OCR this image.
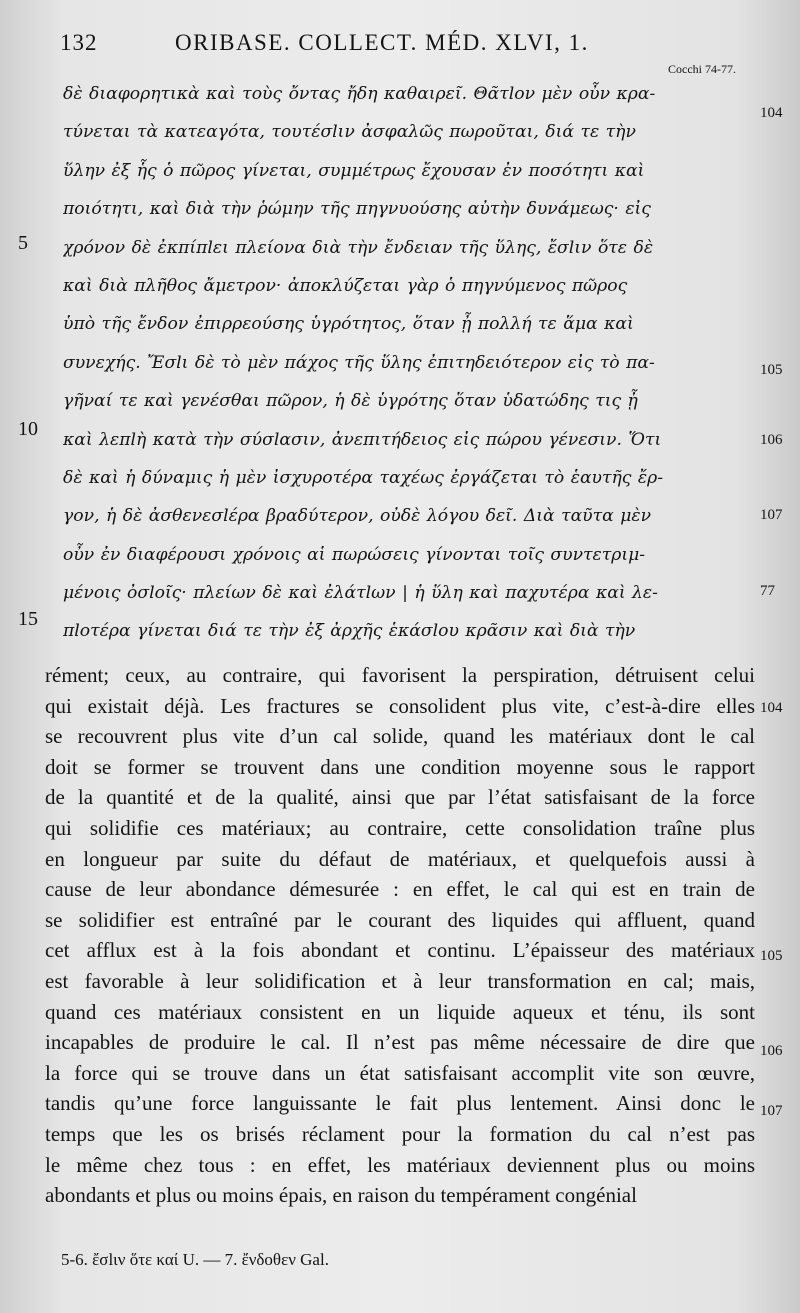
132	ORIBASE. COLLECT. MÉD. XLVI, 1.
Cocchi 74-77.
δὲ διαφορητικὰ καὶ τοὺς ὄντας ἤδη καθαιρεῖ. Θᾶτlον μὲν οὖν κρα-
τύνεται τὰ κατεαγότα, τουτέσlιν ἀσφαλῶς πωροῦται, διά τε τὴν
ὕλην ἐξ ἧς ὁ πῶρος γίνεται, συμμέτρως ἔχουσαν ἐν ποσότητι καὶ
ποιότητι, καὶ διὰ τὴν ῥώμην τῆς πηγνυούσης αὐτὴν δυνάμεως· εἰς
χρόνον δὲ ἐκπίπlει πλείονα διὰ τὴν ἔνδειαν τῆς ὕλης, ἔσlιν ὅτε δὲ
καὶ διὰ πλῆθος ἄμετρον· ἀποκλύζεται γὰρ ὁ πηγνύμενος πῶρος
ὑπὸ τῆς ἔνδον ἐπιρρεούσης ὑγρότητος, ὅταν ᾖ πολλή τε ἅμα καὶ
συνεχής. Ἔσlι δὲ τὸ μὲν πάχος τῆς ὕλης ἐπιτηδειότερον εἰς τὸ πα-
γῆναί τε καὶ γενέσθαι πῶρον, ἡ δὲ ὑγρότης ὅταν ὑδατώδης τις ᾖ
καὶ λεπlὴ κατὰ τὴν σύσlασιν, ἀνεπιτήδειος εἰς πώρου γένεσιν. Ὅτι
δὲ καὶ ἡ δύναμις ἡ μὲν ἰσχυροτέρα ταχέως ἐργάζεται τὸ ἑαυτῆς ἔρ-
γον, ἡ δὲ ἀσθενεσlέρα βραδύτερον, οὐδὲ λόγου δεῖ. Διὰ ταῦτα μὲν
οὖν ἐν διαφέρουσι χρόνοις αἱ πωρώσεις γίνονται τοῖς συντετριμ-
μένοις ὀσlοῖς· πλείων δὲ καὶ ἐλάτlων | ἡ ὕλη καὶ παχυτέρα καὶ λε-
πlοτέρα γίνεται διά τε τὴν ἐξ ἀρχῆς ἑκάσlου κρᾶσιν καὶ διὰ τὴν
5
10
15
104
105
106
107
77
rément; ceux, au contraire, qui favorisent la perspiration, détruisent celui
qui existait déjà. Les fractures se consolident plus vite, c’est-à-dire elles
se recouvrent plus vite d’un cal solide, quand les matériaux dont le cal
doit se former se trouvent dans une condition moyenne sous le rapport
de la quantité et de la qualité, ainsi que par l’état satisfaisant de la force
qui solidifie ces matériaux; au contraire, cette consolidation traîne plus
en longueur par suite du défaut de matériaux, et quelquefois aussi à
cause de leur abondance démesurée : en effet, le cal qui est en train de
se solidifier est entraîné par le courant des liquides qui affluent, quand
cet afflux est à la fois abondant et continu. L’épaisseur des matériaux
est favorable à leur solidification et à leur transformation en cal; mais,
quand ces matériaux consistent en un liquide aqueux et ténu, ils sont
incapables de produire le cal. Il n’est pas même nécessaire de dire que
la force qui se trouve dans un état satisfaisant accomplit vite son œuvre,
tandis qu’une force languissante le fait plus lentement. Ainsi donc le
temps que les os brisés réclament pour la formation du cal n’est pas
le même chez tous : en effet, les matériaux deviennent plus ou moins
abondants et plus ou moins épais, en raison du tempérament congénial
104
105
106
107
5-6. ἔσlιν ὅτε καί U. — 7. ἔνδοθεν Gal.
